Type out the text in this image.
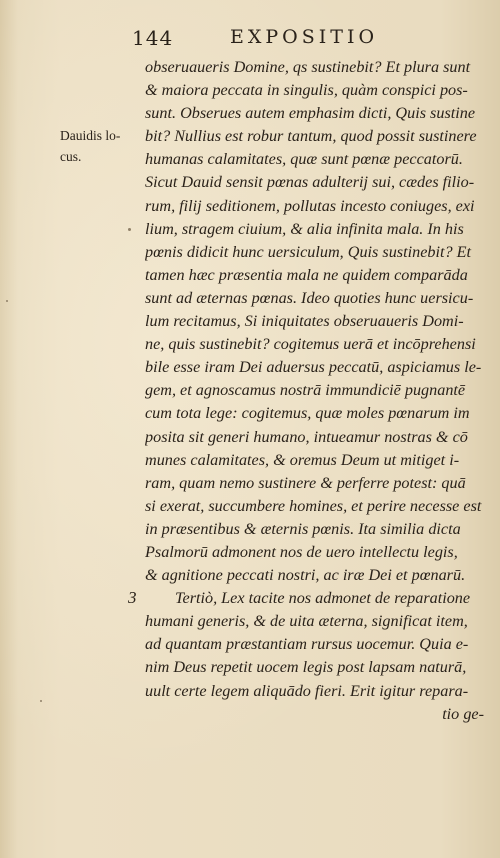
144	EXPOSITIO
Dauidis lo-
cus.
3
obseruaueris Domine, qs sustinebit? Et plura sunt
& maiora peccata in singulis, quàm conspici pos-
sunt. Obserues autem emphasim dicti, Quis sustine
bit? Nullius est robur tantum, quod possit sustinere
humanas calamitates, quæ sunt pœnæ peccatorū.
Sicut Dauid sensit pœnas adulterij sui, cædes filio-
rum, filij seditionem, pollutas incesto coniuges, exi
lium, stragem ciuium, & alia infinita mala. In his
pœnis didicit hunc uersiculum, Quis sustinebit? Et
tamen hæc præsentia mala ne quidem comparāda
sunt ad æternas pœnas. Ideo quoties hunc uersicu-
lum recitamus, Si iniquitates obseruaueris Domi-
ne, quis sustinebit? cogitemus uerā et incōprehensi
bile esse iram Dei aduersus peccatū, aspiciamus le-
gem, et agnoscamus nostrā immundiciē pugnantē
cum tota lege: cogitemus, quæ moles pœnarum im
posita sit generi humano, intueamur nostras & cō
munes calamitates, & oremus Deum ut mitiget i-
ram, quam nemo sustinere & perferre potest: quā
si exerat, succumbere homines, et perire necesse est
in præsentibus & æternis pœnis. Ita similia dicta
Psalmorū admonent nos de uero intellectu legis,
& agnitione peccati nostri, ac iræ Dei et pœnarū.
Tertiò, Lex tacite nos admonet de reparatione
humani generis, & de uita æterna, significat item,
ad quantam præstantiam rursus uocemur. Quia e-
nim Deus repetit uocem legis post lapsam naturā,
uult certe legem aliquādo fieri. Erit igitur repara-
tio ge-
